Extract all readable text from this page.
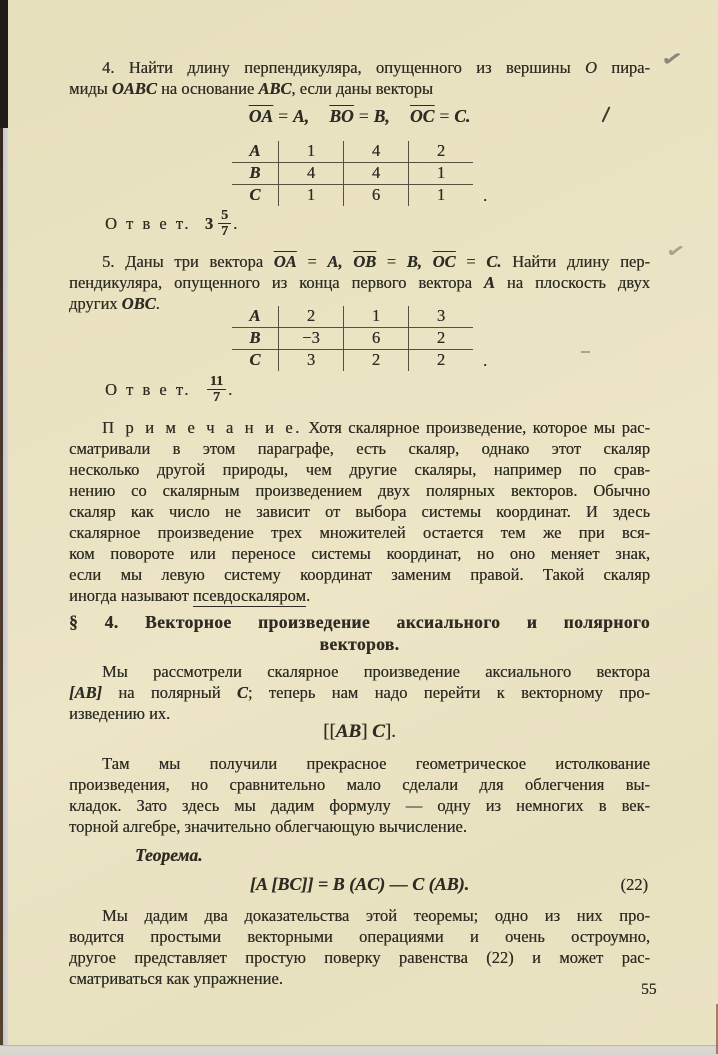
4. Найти длину перпендикуляра, опущенного из вершины O пира-
миды OABC на основание ABC, если даны векторы
$\overline{OA} = A$, $\overline{BO} = B$, $\overline{OC} = C$.
A	1	4	2
B	4	4	1
C	1	6	1 .
О т в е т. $3 \frac{5}{7}$ .
5. Даны три вектора $\overline{OA} = A$, $\overline{OB} = B$, $\overline{OC} = C$. Найти длину пер-
пендикуляра, опущенного из конца первого вектора A на плоскость двух
других OBC.
A	2	1	3
B	−3	6	2
C	3	2	2 .
О т в е т. $\frac{11}{7}$ .
П р и м е ч а н и е. Хотя скалярное произведение, которое мы рас-
сматривали в этом параграфе, есть скаляр, однако этот скаляр
несколько другой природы, чем другие скаляры, например по срав-
нению со скалярным произведением двух полярных векторов. Обычно
скаляр как число не зависит от выбора системы координат. И здесь
скалярное произведение трех множителей остается тем же при вся-
ком повороте или переносе системы координат, но оно меняет знак,
если мы левую систему координат заменим правой. Такой скаляр
иногда называют псевдоскаляром.
§ 4. Векторное произведение аксиального и полярного
векторов.
Мы рассмотрели скалярное произведение аксиального вектора
[AB] на полярный C; теперь нам надо перейти к векторному про-
изведению их.
[[AB] C].
Там мы получили прекрасное геометрическое истолкование
произведения, но сравнительно мало сделали для облегчения вы-
кладок. Зато здесь мы дадим формулу — одну из немногих в век-
торной алгебре, значительно облегчающую вычисление.
Теорема.
[A [BC]] = B (AC) — C (AB).	(22)
Мы дадим два доказательства этой теоремы; одно из них про-
водится простыми векторными операциями и очень остроумно,
другое представляет простую поверку равенства (22) и может рас-
сматриваться как упражнение.
✓
✓
55
